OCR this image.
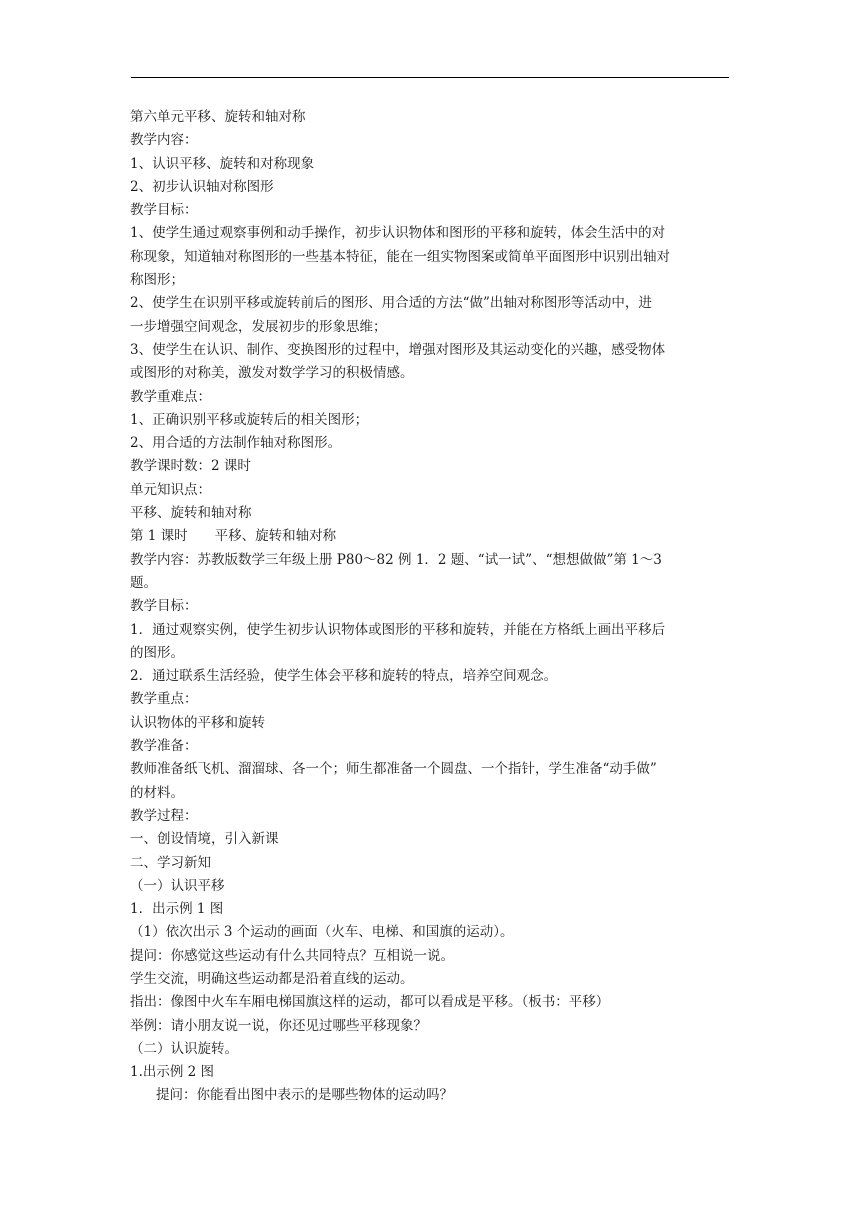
第六单元平移、旋转和轴对称
教学内容：
1、认识平移、旋转和对称现象
2、初步认识轴对称图形
教学目标：
1、使学生通过观察事例和动手操作，初步认识物体和图形的平移和旋转，体会生活中的对
称现象，知道轴对称图形的一些基本特征，能在一组实物图案或简单平面图形中识别出轴对
称图形；
2、使学生在识别平移或旋转前后的图形、用合适的方法“做”出轴对称图形等活动中，进
一步增强空间观念，发展初步的形象思维；
3、使学生在认识、制作、变换图形的过程中，增强对图形及其运动变化的兴趣，感受物体
或图形的对称美，激发对数学学习的积极情感。
教学重难点：
1、正确识别平移或旋转后的相关图形；
2、用合适的方法制作轴对称图形。
教学课时数：2 课时
单元知识点：
平移、旋转和轴对称
第 1 课时　　平移、旋转和轴对称
教学内容：苏教版数学三年级上册 P80～82 例 1．2 题、“试一试”、“想想做做”第 1～3
题。
教学目标：
1．通过观察实例，使学生初步认识物体或图形的平移和旋转，并能在方格纸上画出平移后
的图形。
2．通过联系生活经验，使学生体会平移和旋转的特点，培养空间观念。
教学重点：
认识物体的平移和旋转
教学准备：
教师准备纸飞机、溜溜球、各一个；师生都准备一个圆盘、一个指针，学生准备“动手做”
的材料。
教学过程：
一、创设情境，引入新课
二、学习新知
（一）认识平移
1．出示例 1 图
（1）依次出示 3 个运动的画面（火车、电梯、和国旗的运动）。
提问：你感觉这些运动有什么共同特点？互相说一说。
学生交流，明确这些运动都是沿着直线的运动。
指出：像图中火车车厢电梯国旗这样的运动，都可以看成是平移。（板书：平移）
举例：请小朋友说一说，你还见过哪些平移现象？
（二）认识旋转。
1.出示例 2 图
提问：你能看出图中表示的是哪些物体的运动吗？
